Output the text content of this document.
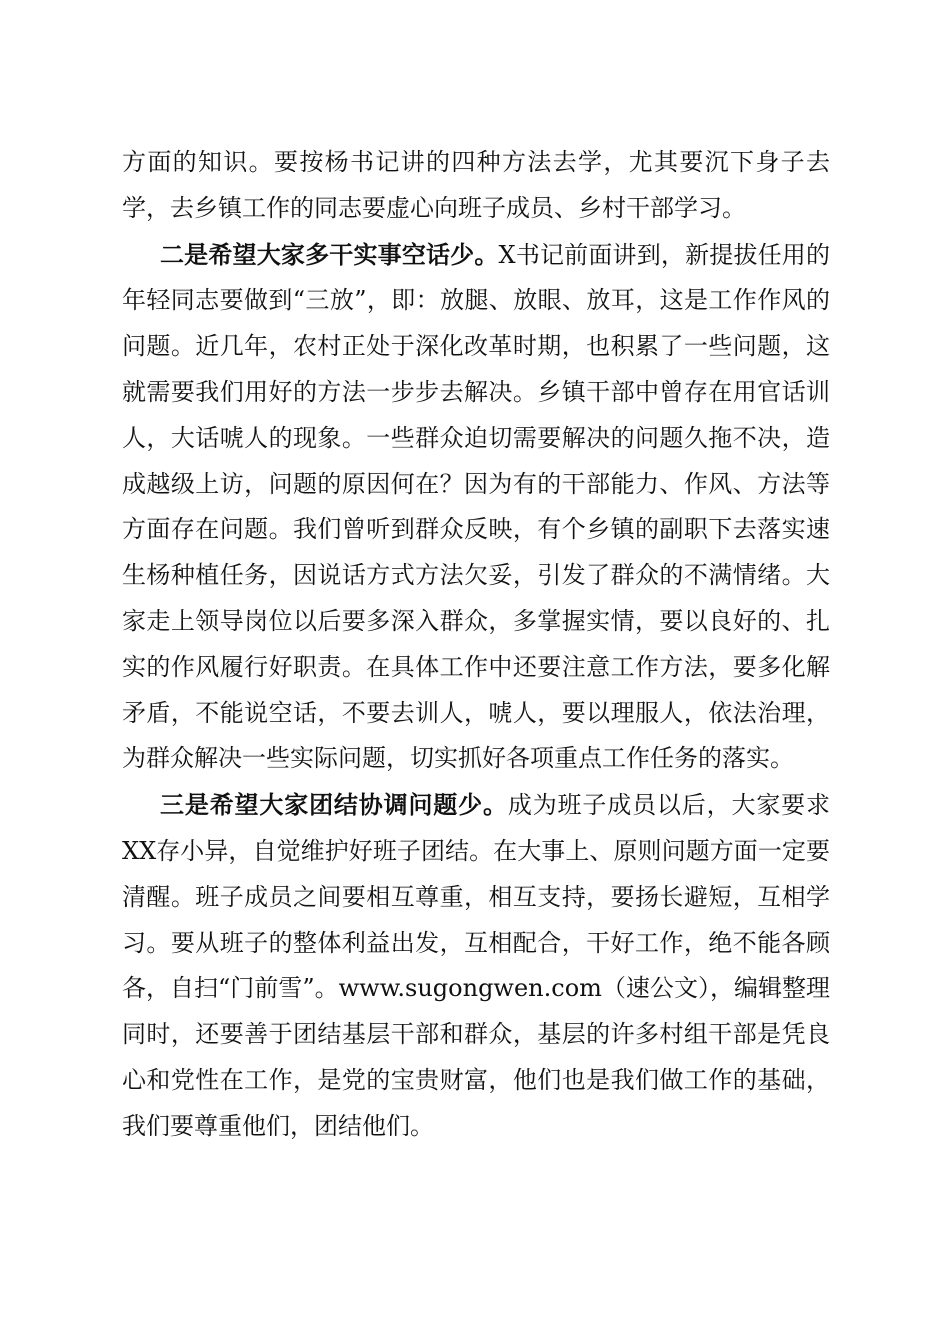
方面的知识。要按杨书记讲的四种方法去学，尤其要沉下身子去学，去乡镇工作的同志要虚心向班子成员、乡村干部学习。

二是希望大家多干实事空话少。X书记前面讲到，新提拔任用的年轻同志要做到“三放”，即：放腿、放眼、放耳，这是工作作风的问题。近几年，农村正处于深化改革时期，也积累了一些问题，这就需要我们用好的方法一步步去解决。乡镇干部中曾存在用官话训人，大话唬人的现象。一些群众迫切需要解决的问题久拖不决，造成越级上访，问题的原因何在？因为有的干部能力、作风、方法等方面存在问题。我们曾听到群众反映，有个乡镇的副职下去落实速生杨种植任务，因说话方式方法欠妥，引发了群众的不满情绪。大家走上领导岗位以后要多深入群众，多掌握实情，要以良好的、扎实的作风履行好职责。在具体工作中还要注意工作方法，要多化解矛盾，不能说空话，不要去训人，唬人，要以理服人，依法治理，为群众解决一些实际问题，切实抓好各项重点工作任务的落实。

三是希望大家团结协调问题少。成为班子成员以后，大家要求XX存小异，自觉维护好班子团结。在大事上、原则问题方面一定要清醒。班子成员之间要相互尊重，相互支持，要扬长避短，互相学习。要从班子的整体利益出发，互相配合，干好工作，绝不能各顾各，自扫“门前雪”。www.sugongwen.com（速公文），编辑整理同时，还要善于团结基层干部和群众，基层的许多村组干部是凭良心和党性在工作，是党的宝贵财富，他们也是我们做工作的基础，我们要尊重他们，团结他们。
